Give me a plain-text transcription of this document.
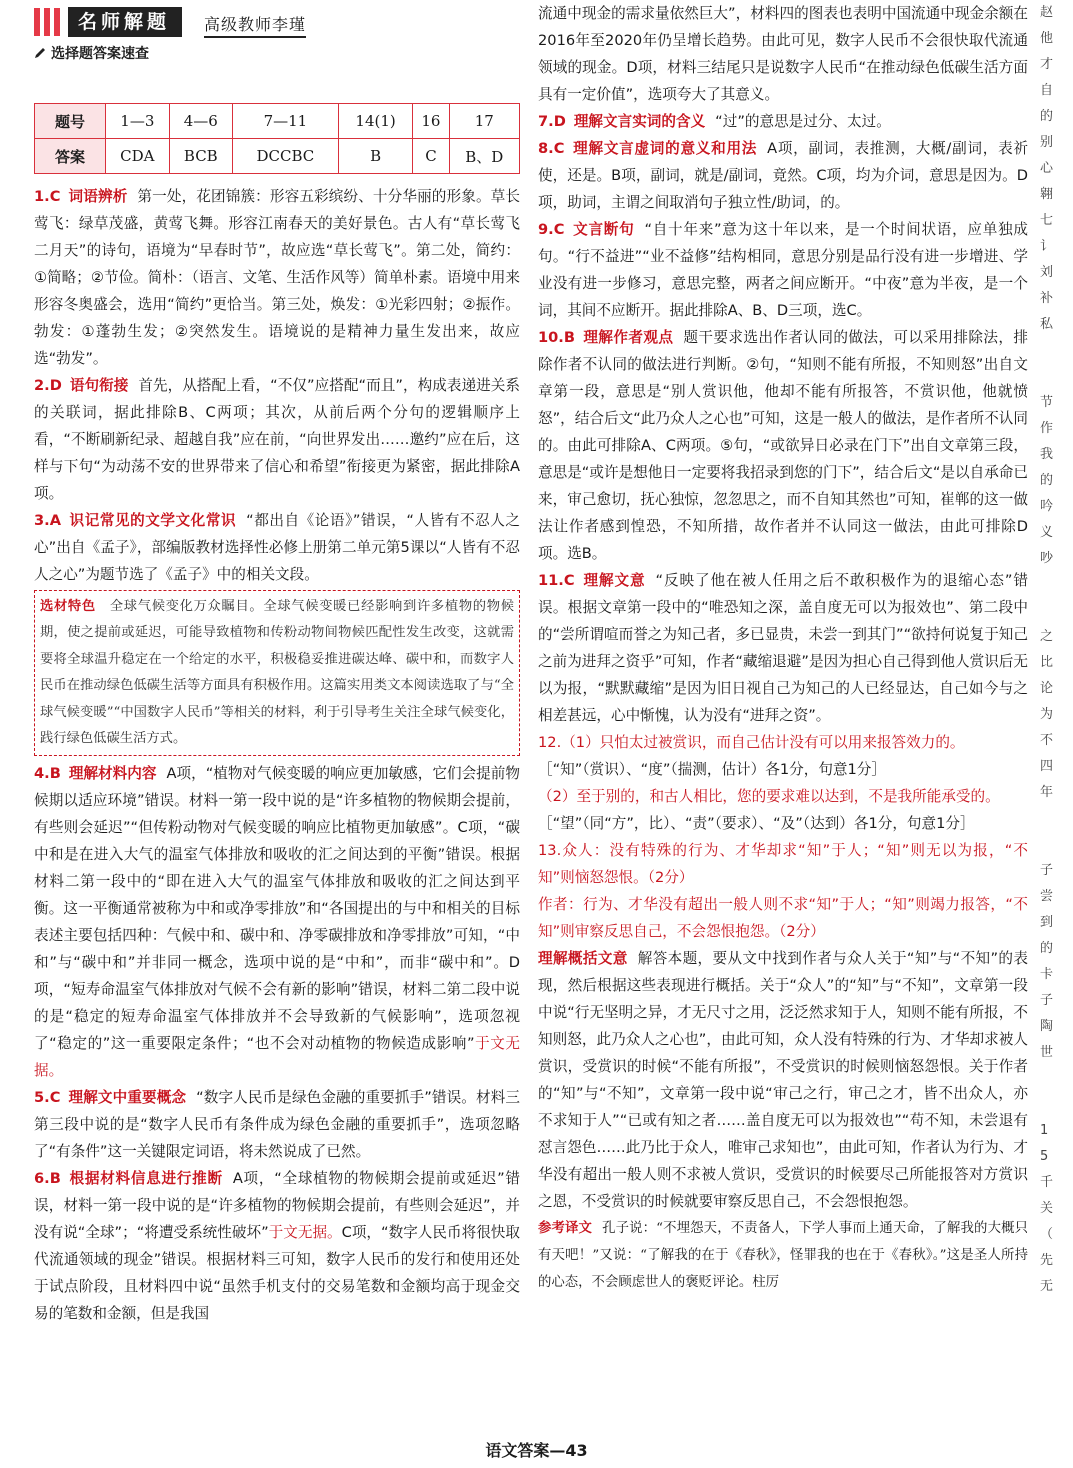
名师解题	高级教师李瑾
选择题答案速查
题号	1—3	4—6	7—11	14(1)	16	17
答案	CDA	BCB	DCCBC	B	C	B、D

1.C 词语辨析 第一处，花团锦簇：形容五彩缤纷、十分华丽的形象。草长莺飞：绿草茂盛，黄莺飞舞。形容江南春天的美好景色。古人有“草长莺飞二月天”的诗句，语境为“早春时节”，故应选“草长莺飞”。第二处，简约：①简略；②节俭。简朴：（语言、文笔、生活作风等）简单朴素。语境中用来形容冬奥盛会，选用“简约”更恰当。第三处，焕发：①光彩四射；②振作。勃发：①蓬勃生发；②突然发生。语境说的是精神力量生发出来，故应选“勃发”。

2.D 语句衔接 首先，从搭配上看，“不仅”应搭配“而且”，构成表递进关系的关联词，据此排除B、C两项；其次，从前后两个分句的逻辑顺序上看，“不断刷新纪录、超越自我”应在前，“向世界发出……邀约”应在后，这样与下句“为动荡不安的世界带来了信心和希望”衔接更为紧密，据此排除A项。

3.A 识记常见的文学文化常识 “都出自《论语》”错误，“人皆有不忍人之心”出自《孟子》，部编版教材选择性必修上册第二单元第5课以“人皆有不忍人之心”为题节选了《孟子》中的相关文段。

选材特色　 全球气候变化万众瞩目。全球气候变暖已经影响到许多植物的物候期，使之提前或延迟，可能导致植物和传粉动物间物候匹配性发生改变，这就需要将全球温升稳定在一个给定的水平，积极稳妥推进碳达峰、碳中和，而数字人民币在推动绿色低碳生活等方面具有积极作用。这篇实用类文本阅读选取了与“全球气候变暖”“中国数字人民币”等相关的材料，利于引导考生关注全球气候变化，践行绿色低碳生活方式。

4.B 理解材料内容 A项，“植物对气候变暖的响应更加敏感，它们会提前物候期以适应环境”错误。材料一第一段中说的是“许多植物的物候期会提前，有些则会延迟”“但传粉动物对气候变暖的响应比植物更加敏感”。C项，“碳中和是在进入大气的温室气体排放和吸收的汇之间达到的平衡”错误。根据材料二第一段中的“即在进入大气的温室气体排放和吸收的汇之间达到平衡。这一平衡通常被称为中和或净零排放”和“各国提出的与中和相关的目标表述主要包括四种：气候中和、碳中和、净零碳排放和净零排放”可知，“中和”与“碳中和”并非同一概念，选项中说的是“中和”，而非“碳中和”。D项，“短寿命温室气体排放对气候不会有新的影响”错误，材料二第二段中说的是“稳定的短寿命温室气体排放并不会导致新的气候影响”，选项忽视了“稳定的”这一重要限定条件；“也不会对动植物的物候造成影响”于文无据。

5.C 理解文中重要概念 “数字人民币是绿色金融的重要抓手”错误。材料三第三段中说的是“数字人民币有条件成为绿色金融的重要抓手”，选项忽略了“有条件”这一关键限定词语，将未然说成了已然。

6.B 根据材料信息进行推断 A项，“全球植物的物候期会提前或延迟”错误，材料一第一段中说的是“许多植物的物候期会提前，有些则会延迟”，并没有说“全球”；“将遭受系统性破坏”于文无据。C项，“数字人民币将很快取代流通领域的现金”错误。根据材料三可知，数字人民币的发行和使用还处于试点阶段，且材料四中说“虽然手机支付的交易笔数和金额均高于现金交易的笔数和金额，但是我国

流通中现金的需求量依然巨大”，材料四的图表也表明中国流通中现金余额在2016年至2020年仍呈增长趋势。由此可见，数字人民币不会很快取代流通领域的现金。D项，材料三结尾只是说数字人民币“在推动绿色低碳生活方面具有一定价值”，选项夸大了其意义。

7.D 理解文言实词的含义 “过”的意思是过分、太过。

8.C 理解文言虚词的意义和用法 A项，副词，表推测，大概/副词，表祈使，还是。B项，副词，就是/副词，竟然。C项，均为介词，意思是因为。D项，助词，主谓之间取消句子独立性/助词，的。

9.C 文言断句 “自十年来”意为这十年以来，是一个时间状语，应单独成句。“行不益进”“业不益修”结构相同，意思分别是品行没有进一步增进、学业没有进一步修习，意思完整，两者之间应断开。“中夜”意为半夜，是一个词，其间不应断开。据此排除A、B、D三项，选C。

10.B 理解作者观点 题干要求选出作者认同的做法，可以采用排除法，排除作者不认同的做法进行判断。②句，“知则不能有所报，不知则怒”出自文章第一段，意思是“别人赏识他，他却不能有所报答，不赏识他，他就愤怒”，结合后文“此乃众人之心也”可知，这是一般人的做法，是作者所不认同的。由此可排除A、C两项。⑤句，“或欲异日必录在门下”出自文章第三段，意思是“或许是想他日一定要将我招录到您的门下”，结合后文“是以自承命已来，审己愈切，抚心独惊，忽忽思之，而不自知其然也”可知，崔郸的这一做法让作者感到惶恐，不知所措，故作者并不认同这一做法，由此可排除D项。选B。

11.C 理解文意 “反映了他在被人任用之后不敢积极作为的退缩心态”错误。根据文章第一段中的“唯恐知之深，盖自度无可以为报效也”、第二段中的“尝所谓喧而誉之为知己者，多已显贵，未尝一到其门”“欲持何说复于知己之前为进拜之资乎”可知，作者“藏缩退避”是因为担心自己得到他人赏识后无以为报，“默默藏缩”是因为旧日视自己为知己的人已经显达，自己如今与之相差甚远，心中惭愧，认为没有“进拜之资”。

12.（1）只怕太过被赏识，而自己估计没有可以用来报答效力的。

［“知”（赏识）、“度”（揣测，估计）各1分，句意1分］

（2）至于别的，和古人相比，您的要求难以达到，不是我所能承受的。

［“望”（同“方”，比）、“责”（要求）、“及”（达到）各1分，句意1分］

13.众人：没有特殊的行为、才华却求“知”于人；“知”则无以为报，“不知”则恼怒怨恨。（2分）

作者：行为、才华没有超出一般人则不求“知”于人；“知”则竭力报答，“不知”则审察反思自己，不会怨恨抱怨。（2分）

理解概括文意 解答本题，要从文中找到作者与众人关于“知”与“不知”的表现，然后根据这些表现进行概括。关于“众人”的“知”与“不知”，文章第一段中说“行无坚明之异，才无尺寸之用，泛泛然求知于人，知则不能有所报，不知则怒，此乃众人之心也”，由此可知，众人没有特殊的行为、才华却求被人赏识，受赏识的时候“不能有所报”，不受赏识的时候则恼怒怨恨。关于作者的“知”与“不知”，文章第一段中说“审己之行，审己之才，皆不出众人，亦不求知于人”“已或有知之者……盖自度无可以为报效也”“苟不知，未尝退有怼言怨色……此乃比于众人，唯审己求知也”，由此可知，作者认为行为、才华没有超出一般人则不求被人赏识，受赏识的时候要尽己所能报答对方赏识之恩，不受赏识的时候就要审察反思自己，不会怨恨抱怨。

参考译文 孔子说：“不埋怨天，不责备人，下学人事而上通天命，了解我的大概只有天吧！”又说：“了解我的在于《春秋》，怪罪我的也在于《春秋》。”这是圣人所持的心态，不会顾虑世人的褒贬评论。柱厉

赵
他
才
自
的
别
心
翱
七
讠
刘
补
私

节
作
我
的
吟
义
吵

之
比
论
为
不
四
年

子
尝
到
的
卡
子
陶
世

1
5
千
关
（
先
无
语文答案—43
